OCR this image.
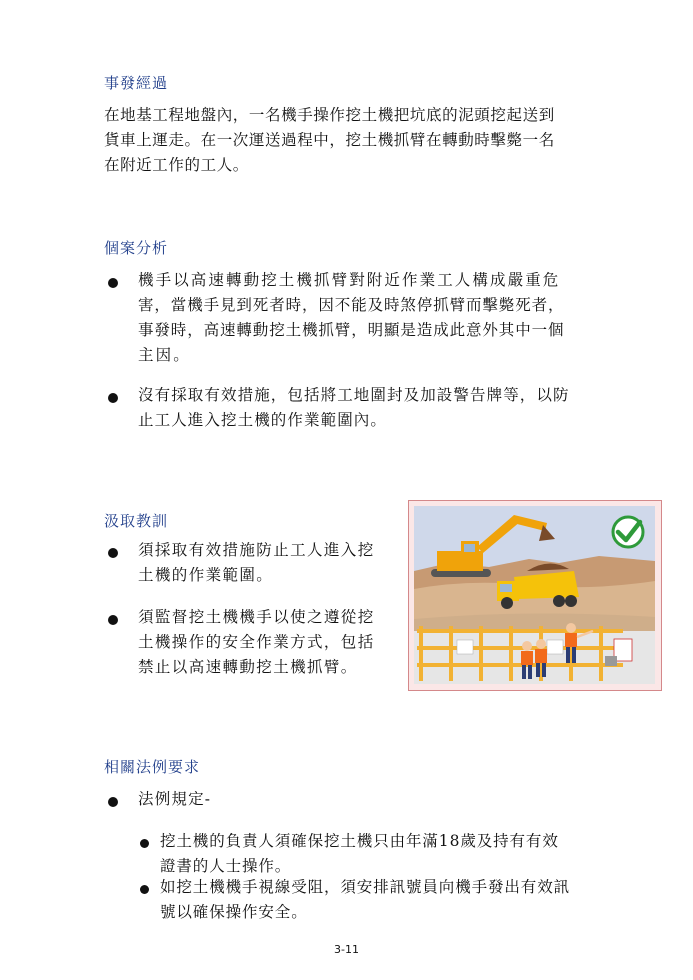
事發經過
在地基工程地盤內，一名機手操作挖土機把坑底的泥頭挖起送到
貨車上運走。在一次運送過程中，挖土機抓臂在轉動時擊斃一名
在附近工作的工人。
個案分析
機手以高速轉動挖土機抓臂對附近作業工人構成嚴重危
害，當機手見到死者時，因不能及時煞停抓臂而擊斃死者，
事發時，高速轉動挖土機抓臂，明顯是造成此意外其中一個
主因。
沒有採取有效措施，包括將工地圍封及加設警告牌等，以防
止工人進入挖土機的作業範圍內。
汲取教訓
須採取有效措施防止工人進入挖
土機的作業範圍。
須監督挖土機機手以使之遵從挖
土機操作的安全作業方式，包括
禁止以高速轉動挖土機抓臂。
相關法例要求
法例規定-
挖土機的負責人須確保挖土機只由年滿18歲及持有有效
證書的人士操作。
如挖土機機手視線受阻，須安排訊號員向機手發出有效訊
號以確保操作安全。
3-11
